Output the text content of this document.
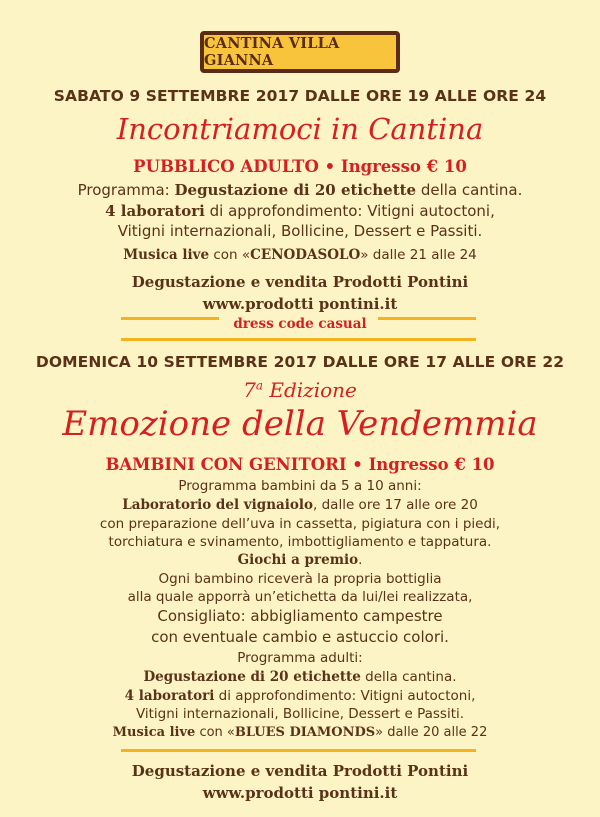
CANTINA VILLA GIANNA
SABATO 9 SETTEMBRE 2017 DALLE ORE 19 ALLE ORE 24
Incontriamoci in Cantina
PUBBLICO ADULTO • Ingresso € 10
Programma: Degustazione di 20 etichette della cantina.
4 laboratori di approfondimento: Vitigni autoctoni,
Vitigni internazionali, Bollicine, Dessert e Passiti.
Musica live con «CENODASOLO» dalle 21 alle 24
Degustazione e vendita Prodotti Pontini
www.prodotti pontini.it
dress code casual
DOMENICA 10 SETTEMBRE 2017 DALLE ORE 17 ALLE ORE 22
7$^a$ Edizione
Emozione della Vendemmia
BAMBINI CON GENITORI • Ingresso € 10
Programma bambini da 5 a 10 anni:
Laboratorio del vignaiolo, dalle ore 17 alle ore 20
con preparazione dell’uva in cassetta, pigiatura con i piedi,
torchiatura e svinamento, imbottigliamento e tappatura.
Giochi a premio.
Ogni bambino riceverà la propria bottiglia
alla quale apporrà un’etichetta da lui/lei realizzata,
Consigliato: abbigliamento campestre
con eventuale cambio e astuccio colori.
Programma adulti:
Degustazione di 20 etichette della cantina.
4 laboratori di approfondimento: Vitigni autoctoni,
Vitigni internazionali, Bollicine, Dessert e Passiti.
Musica live con «BLUES DIAMONDS» dalle 20 alle 22
Degustazione e vendita Prodotti Pontini
www.prodotti pontini.it
